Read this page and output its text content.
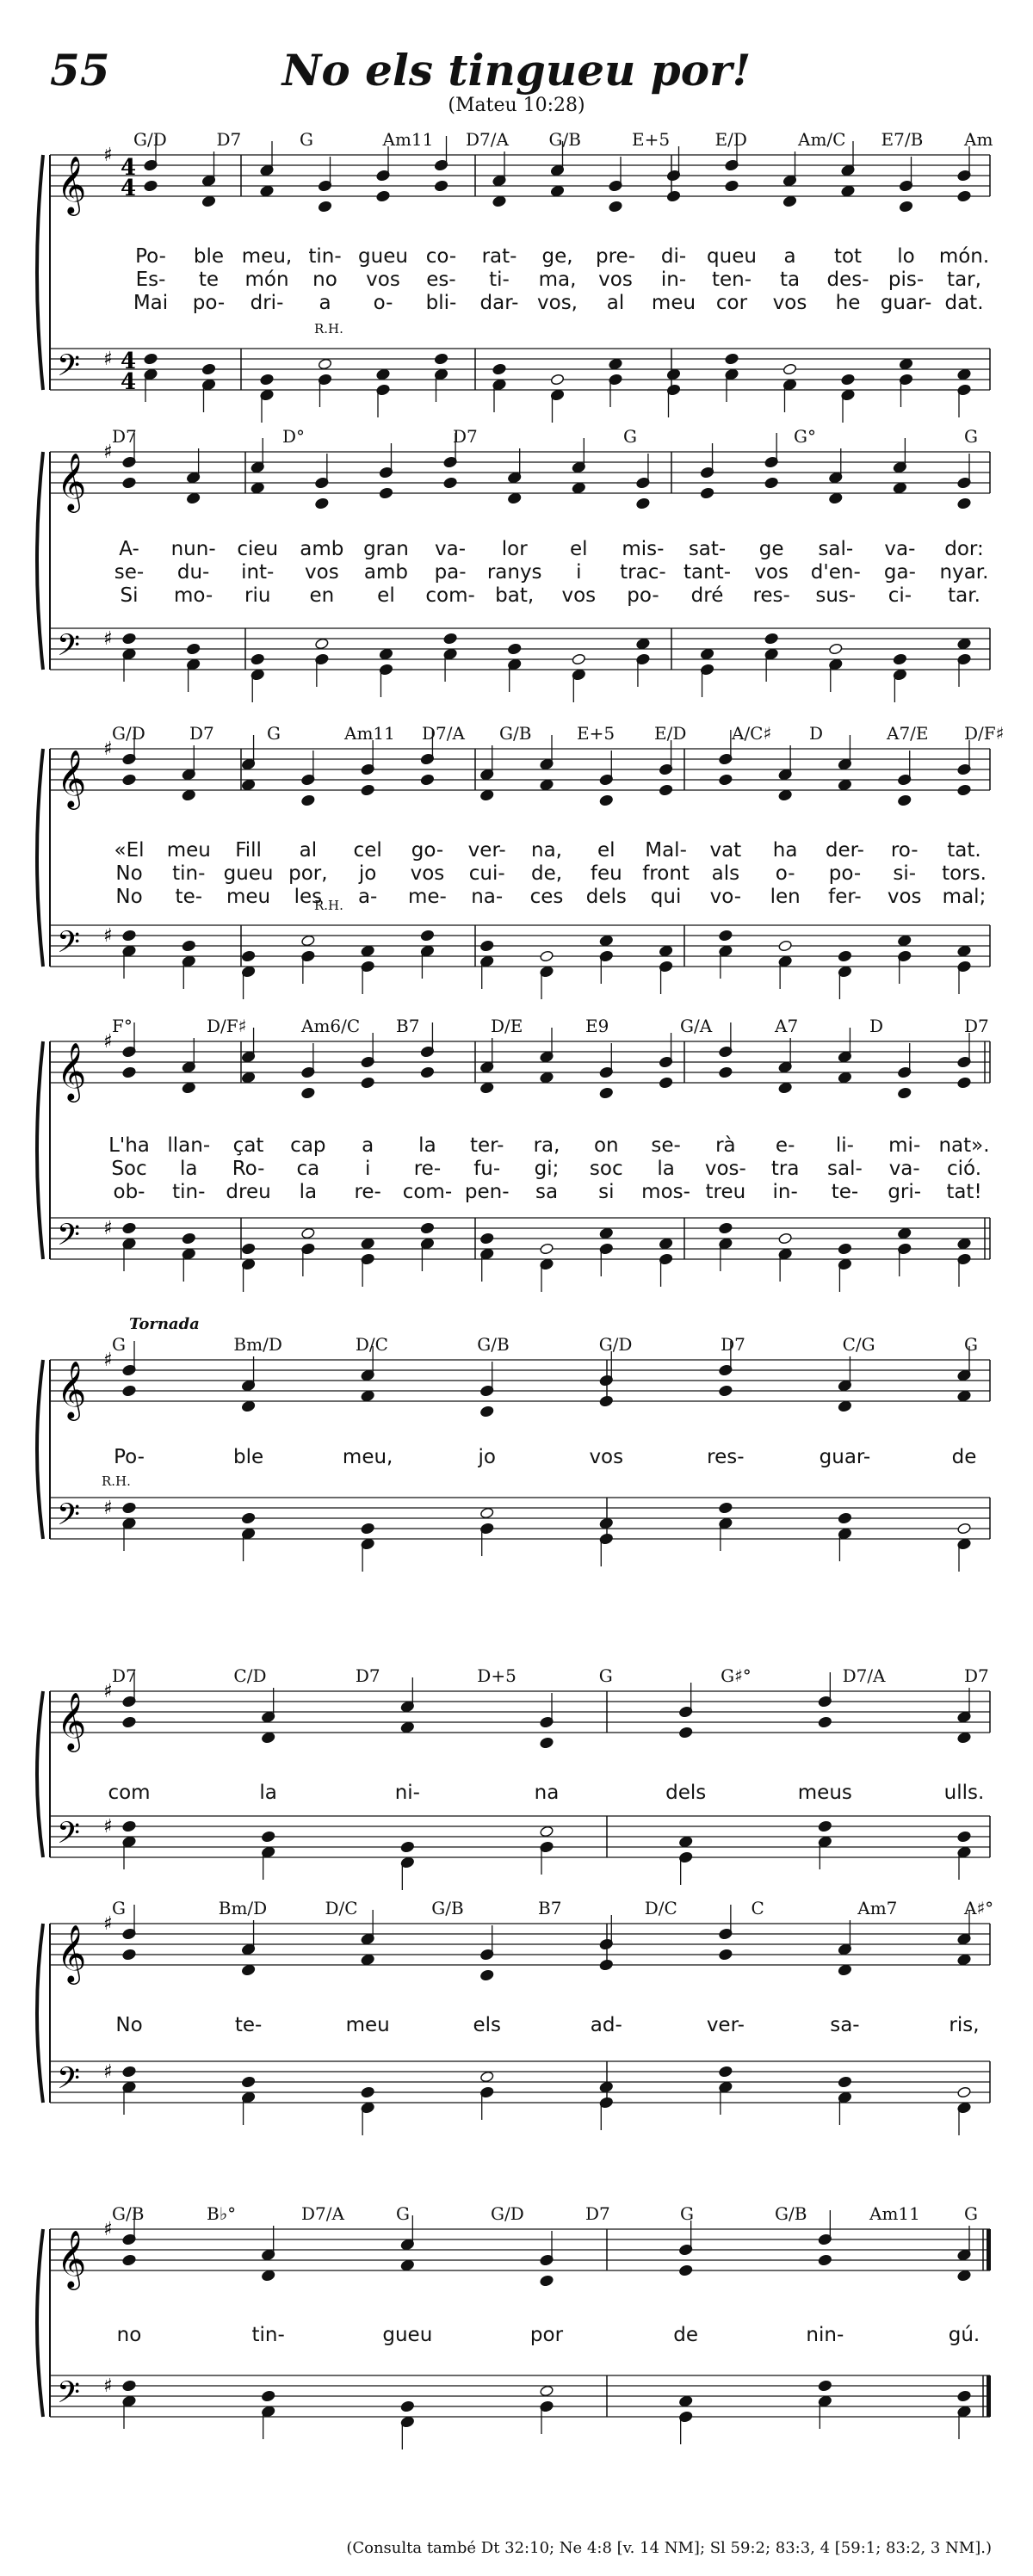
55	No els tingueu por!
(Mateu 10:28)
𝄞 ♯ 4
4
𝄢 ♯ 4
4
𝄞 ♯
𝄢 ♯
𝄞 ♯
𝄢 ♯
𝄞 ♯
𝄢 ♯
𝄞 ♯
𝄢 ♯
𝄞 ♯
𝄢 ♯
𝄞 ♯
𝄢 ♯
𝄞 ♯
𝄢 ♯
G/D	D7	G	Am11 D7/A G/B	E+5	E/D	Am/C E7/B Am
Po- ble meu, tin- gueu co- rat- ge, pre- di- queu a tot lo món.
Es- te món no vos es- ti- ma, vos in- ten- ta des- pis- tar,
Mai po- dri- a o- bli- dar- vos, al meu cor vos he guar- dat.
R.H.
D7	D°	D7	G	G°	G
A- nun- cieu amb gran va- lor el mis- sat- ge sal- va- dor:
se- du- int- vos amb pa- ranys i trac- tant- vos d'en- ga- nyar.
Si mo- riu en el com- bat, vos po- dré res- sus- ci- tar.
G/D	D7	G	Am11 D7/A G/B	E+5 E/D	A/C♯ D	A7/E D/F♯
«El meu Fill al cel go- ver- na, el Mal- vat ha der- ro- tat.
No tin- gueu por, jo vos cui- de, feu front als o- po- si- tors.
No te- meu les a- me- na- ces dels qui vo- len fer- vos mal;
R.H.
F°	D/F♯	Am6/C B7	D/E	E9	G/A	A7	D	D7
L'ha llan- çat cap a la ter- ra, on se- rà e- li- mi- nat».
Soc la Ro- ca i re- fu- gi; soc la vos- tra sal- va- ció.
ob- tin- dreu la re- com- pen- sa si mos- treu in- te- gri- tat!
G	Bm/D	D/C	G/B	G/D	D7	C/G	G
Po-	ble	meu,	jo	vos	res-	guar-	de
Tornada
R.H.
D7	C/D	D7	D+5	G	G♯°	D7/A	D7
com	la	ni-	na	dels	meus	ulls.
G	Bm/D	D/C	G/B	B7	D/C	C	Am7	A♯°
No	te-	meu	els	ad-	ver-	sa-	ris,
G/B	B♭°	D7/A	G	G/D	D7	G	G/B	Am11	G
no	tin-	gueu	por	de	nin-	gú.
(Consulta també Dt 32:10; Ne 4:8 [v. 14 NM]; Sl 59:2; 83:3, 4 [59:1; 83:2, 3 NM].)
